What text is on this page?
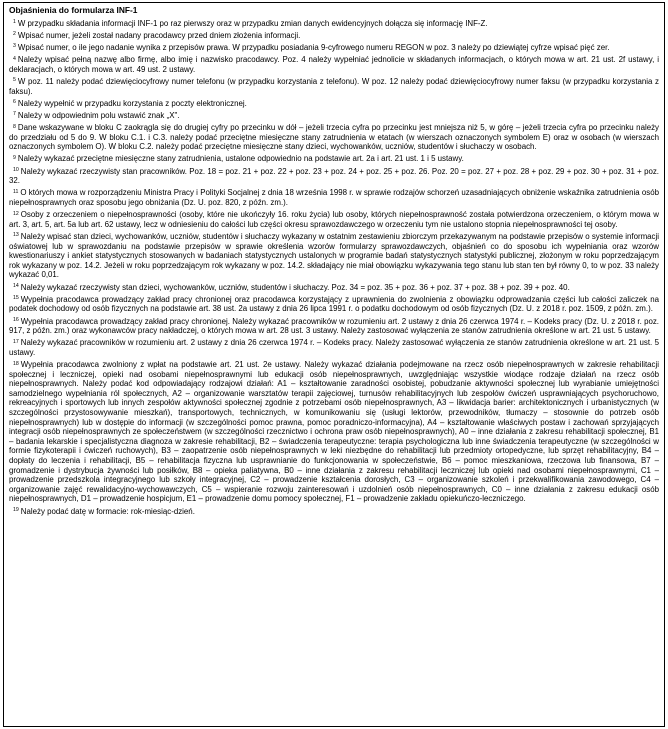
Objaśnienia do formularza INF-1
$^1$ W przypadku składania informacji INF-1 po raz pierwszy oraz w przypadku zmian danych ewidencyjnych dołącza się informację INF-Z.
$^2$ Wpisać numer, jeżeli został nadany pracodawcy przed dniem złożenia informacji.
$^3$ Wpisać numer, o ile jego nadanie wynika z przepisów prawa. W przypadku posiadania 9-cyfrowego numeru REGON w poz. 3 należy po dziewiątej cyfrze wpisać pięć zer.
$^4$ Należy wpisać pełną nazwę albo firmę, albo imię i nazwisko pracodawcy. Poz. 4 należy wypełniać jednolicie w składanych informacjach, o których mowa w art. 21 ust. 2f ustawy, i deklaracjach, o których mowa w art. 49 ust. 2 ustawy.
$^5$ W poz. 11 należy podać dziewięciocyfrowy numer telefonu (w przypadku korzystania z telefonu). W poz. 12 należy podać dziewięciocyfrowy numer faksu (w przypadku korzystania z faksu).
$^6$ Należy wypełnić w przypadku korzystania z poczty elektronicznej.
$^7$ Należy w odpowiednim polu wstawić znak „X".
$^8$ Dane wskazywane w bloku C zaokrągla się do drugiej cyfry po przecinku w dół – jeżeli trzecia cyfra po przecinku jest mniejsza niż 5, w górę – jeżeli trzecia cyfra po przecinku należy do przedziału od 5 do 9. W bloku C.1. i C.3. należy podać przeciętne miesięczne stany zatrudnienia w etatach (w wierszach oznaczonych symbolem E) oraz w osobach (w wierszach oznaczonych symbolem O). W bloku C.2. należy podać przeciętne miesięczne stany dzieci, wychowanków, uczniów, studentów i słuchaczy w osobach.
$^9$ Należy wykazać przeciętne miesięczne stany zatrudnienia, ustalone odpowiednio na podstawie art. 2a i art. 21 ust. 1 i 5 ustawy.
$^{10}$ Należy wykazać rzeczywisty stan pracowników. Poz. 18 = poz. 21 + poz. 22 + poz. 23 + poz. 24 + poz. 25 + poz. 26. Poz. 20 = poz. 27 + poz. 28 + poz. 29 + poz. 30 + poz. 31 + poz. 32.
$^{11}$ O których mowa w rozporządzeniu Ministra Pracy i Polityki Socjalnej z dnia 18 września 1998 r. w sprawie rodzajów schorzeń uzasadniających obniżenie wskaźnika zatrudnienia osób niepełnosprawnych oraz sposobu jego obniżania (Dz. U. poz. 820, z późn. zm.).
$^{12}$ Osoby z orzeczeniem o niepełnosprawności (osoby, które nie ukończyły 16. roku życia) lub osoby, których niepełnosprawność została potwierdzona orzeczeniem, o którym mowa w art. 3, art. 5, art. 5a lub art. 62 ustawy, lecz w odniesieniu do całości lub części okresu sprawozdawczego w orzeczeniu tym nie ustalono stopnia niepełnosprawności tej osoby.
$^{13}$ Należy wpisać stan dzieci, wychowanków, uczniów, studentów i słuchaczy wykazany w ostatnim zestawieniu zbiorczym przekazywanym na podstawie przepisów o systemie informacji oświatowej lub w sprawozdaniu na podstawie przepisów w sprawie określenia wzorów formularzy sprawozdawczych, objaśnień co do sposobu ich wypełniania oraz wzorów kwestionariuszy i ankiet statystycznych stosowanych w badaniach statystycznych ustalonych w programie badań statystycznych statystyki publicznej, złożonym w roku poprzedzającym rok wykazany w poz. 14.2. Jeżeli w roku poprzedzającym rok wykazany w poz. 14.2. składający nie miał obowiązku wykazywania tego stanu lub stan ten był równy 0, to w poz. 33 należy wykazać 0,01.
$^{14}$ Należy wykazać rzeczywisty stan dzieci, wychowanków, uczniów, studentów i słuchaczy. Poz. 34 = poz. 35 + poz. 36 + poz. 37 + poz. 38 + poz. 39 + poz. 40.
$^{15}$ Wypełnia pracodawca prowadzący zakład pracy chronionej oraz pracodawca korzystający z uprawnienia do zwolnienia z obowiązku odprowadzania części lub całości zaliczek na podatek dochodowy od osób fizycznych na podstawie art. 38 ust. 2a ustawy z dnia 26 lipca 1991 r. o podatku dochodowym od osób fizycznych (Dz. U. z 2018 r. poz. 1509, z późn. zm.).
$^{16}$ Wypełnia pracodawca prowadzący zakład pracy chronionej. Należy wykazać pracowników w rozumieniu art. 2 ustawy z dnia 26 czerwca 1974 r. – Kodeks pracy (Dz. U. z 2018 r. poz. 917, z późn. zm.) oraz wykonawców pracy nakładczej, o których mowa w art. 28 ust. 3 ustawy. Należy zastosować wyłączenia ze stanów zatrudnienia określone w art. 21 ust. 5 ustawy.
$^{17}$ Należy wykazać pracowników w rozumieniu art. 2 ustawy z dnia 26 czerwca 1974 r. – Kodeks pracy. Należy zastosować wyłączenia ze stanów zatrudnienia określone w art. 21 ust. 5 ustawy.
$^{18}$ Wypełnia pracodawca zwolniony z wpłat na podstawie art. 21 ust. 2e ustawy. Należy wykazać działania podejmowane na rzecz osób niepełnosprawnych w zakresie rehabilitacji społecznej i leczniczej, opieki nad osobami niepełnosprawnymi lub edukacji osób niepełnosprawnych, uwzględniając wszystkie wiodące rodzaje działań na rzecz osób niepełnosprawnych. Należy podać kod odpowiadający rodzajowi działań: A1 – kształtowanie zaradności osobistej, pobudzanie aktywności społecznej lub wyrabianie umiejętności samodzielnego wypełniania ról społecznych, A2 – organizowanie warsztatów terapii zajęciowej, turnusów rehabilitacyjnych lub zespołów ćwiczeń usprawniających psychoruchowo, rekreacyjnych i sportowych lub innych zespołów aktywności społecznej zgodnie z potrzebami osób niepełnosprawnych, A3 – likwidacja barier: architektonicznych i urbanistycznych (w szczególności przystosowywanie mieszkań), transportowych, technicznych, w komunikowaniu się (usługi lektorów, przewodników, tłumaczy – stosownie do potrzeb osób niepełnosprawnych) lub w dostępie do informacji (w szczególności pomoc prawna, pomoc poradniczo-informacyjna), A4 – kształtowanie właściwych postaw i zachowań sprzyjających integracji osób niepełnosprawnych ze społeczeństwem (w szczególności rzecznictwo i ochrona praw osób niepełnosprawnych), A0 – inne działania z zakresu rehabilitacji społecznej, B1 – badania lekarskie i specjalistyczna diagnoza w zakresie rehabilitacji, B2 – świadczenia terapeutyczne: terapia psychologiczna lub inne świadczenia terapeutyczne (w szczególności w formie fizykoterapii i ćwiczeń ruchowych), B3 – zaopatrzenie osób niepełnosprawnych w leki niezbędne do rehabilitacji lub przedmioty ortopedyczne, lub sprzęt rehabilitacyjny, B4 – dopłaty do leczenia i rehabilitacji, B5 – rehabilitacja fizyczna lub usprawnianie do funkcjonowania w społeczeństwie, B6 – pomoc mieszkaniowa, rzeczowa lub finansowa, B7 – gromadzenie i dystrybucja żywności lub posiłków, B8 – opieka paliatywna, B0 – inne działania z zakresu rehabilitacji leczniczej lub opieki nad osobami niepełnosprawnymi, C1 – prowadzenie przedszkola integracyjnego lub szkoły integracyjnej, C2 – prowadzenie kształcenia dorosłych, C3 – organizowanie szkoleń i przekwalifikowania zawodowego, C4 – organizowanie zajęć rewalidacyjno-wychowawczych, C5 – wspieranie rozwoju zainteresowań i uzdolnień osób niepełnosprawnych, C0 – inne działania z zakresu edukacji osób niepełnosprawnych, D1 – prowadzenie hospicjum, E1 – prowadzenie domu pomocy społecznej, F1 – prowadzenie zakładu opiekuńczo-leczniczego.
$^{19}$ Należy podać datę w formacie: rok-miesiąc-dzień.
